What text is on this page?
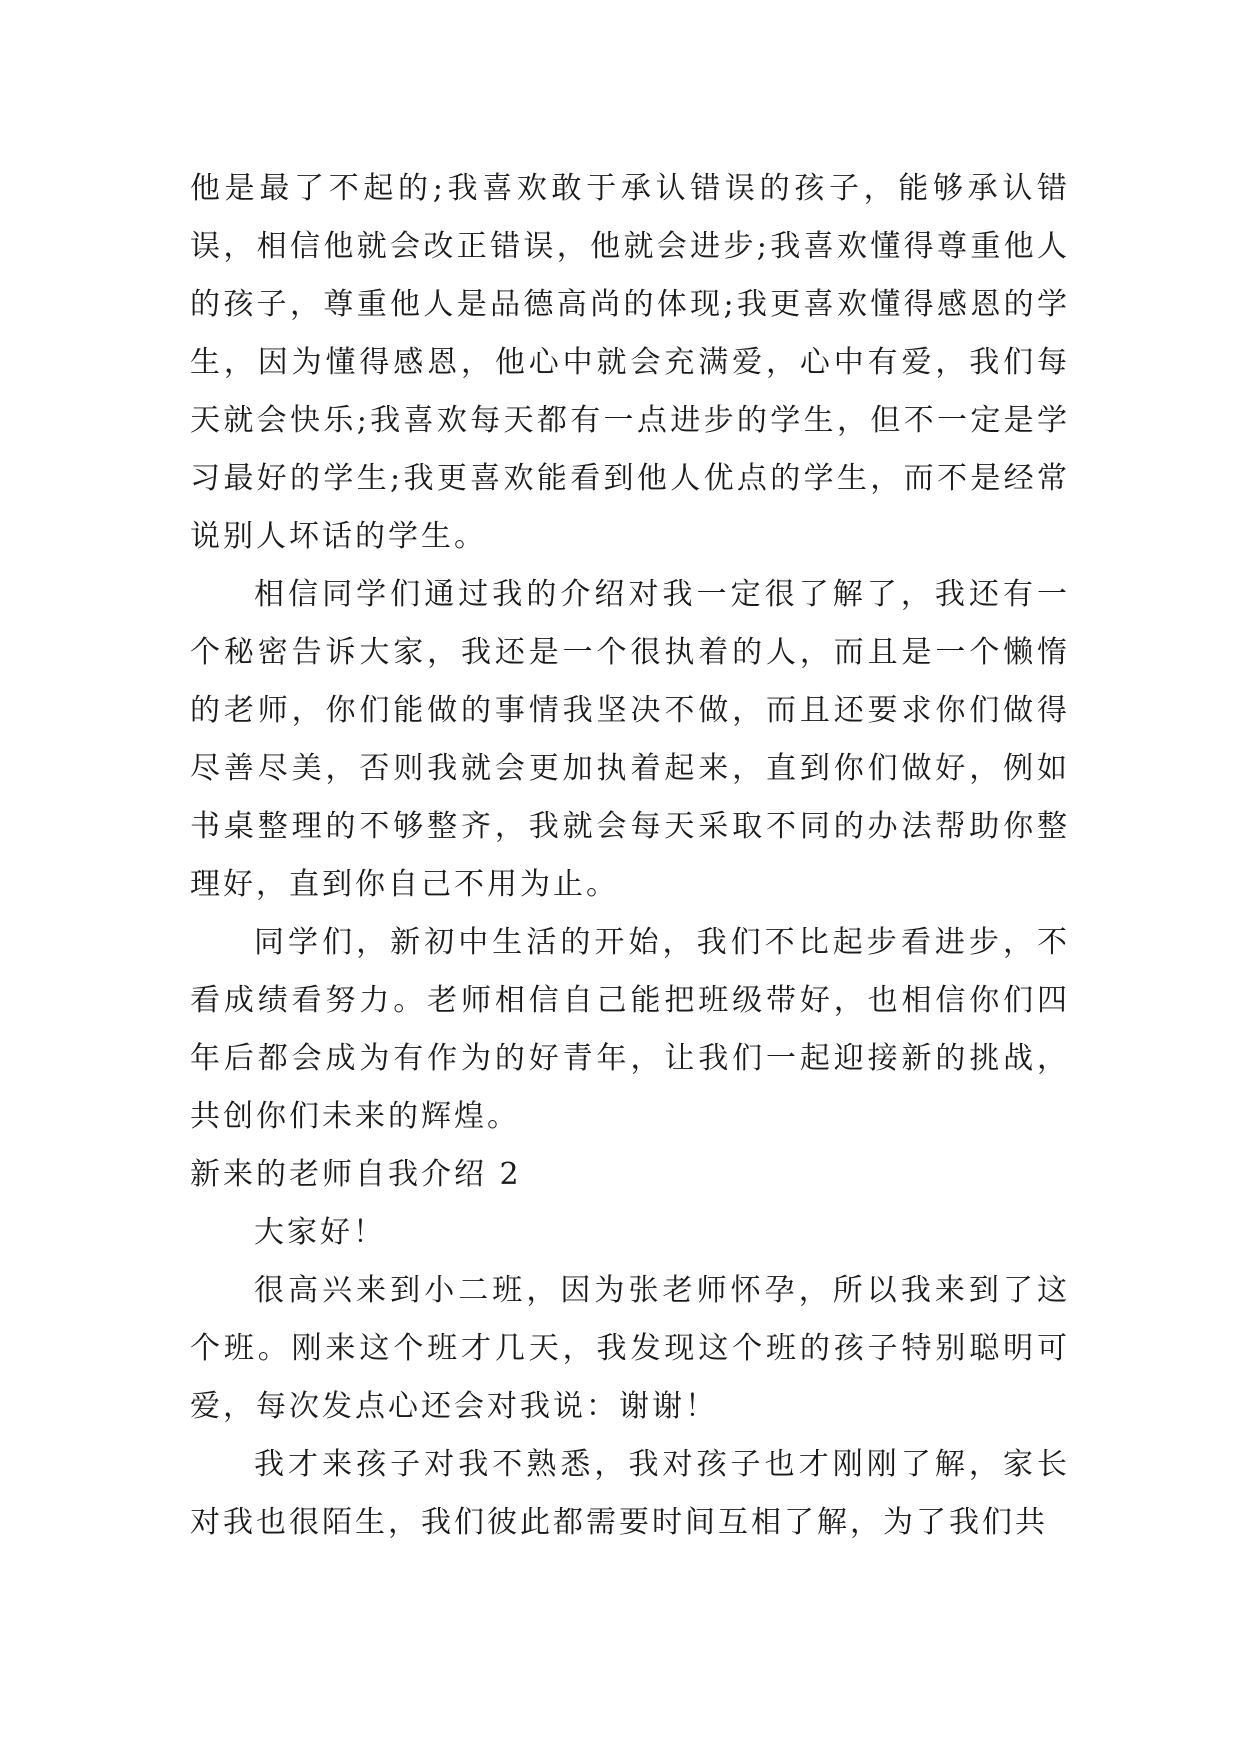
他是最了不起的;我喜欢敢于承认错误的孩子，能够承认错误，相信他就会改正错误，他就会进步;我喜欢懂得尊重他人的孩子，尊重他人是品德高尚的体现;我更喜欢懂得感恩的学生，因为懂得感恩，他心中就会充满爱，心中有爱，我们每天就会快乐;我喜欢每天都有一点进步的学生，但不一定是学习最好的学生;我更喜欢能看到他人优点的学生，而不是经常说别人坏话的学生。

相信同学们通过我的介绍对我一定很了解了，我还有一个秘密告诉大家，我还是一个很执着的人，而且是一个懒惰的老师，你们能做的事情我坚决不做，而且还要求你们做得尽善尽美，否则我就会更加执着起来，直到你们做好，例如书桌整理的不够整齐，我就会每天采取不同的办法帮助你整理好，直到你自己不用为止。

同学们，新初中生活的开始，我们不比起步看进步，不看成绩看努力。老师相信自己能把班级带好，也相信你们四年后都会成为有作为的好青年，让我们一起迎接新的挑战，共创你们未来的辉煌。

新来的老师自我介绍 2

大家好！

很高兴来到小二班，因为张老师怀孕，所以我来到了这个班。刚来这个班才几天，我发现这个班的孩子特别聪明可爱，每次发点心还会对我说：谢谢！

我才来孩子对我不熟悉，我对孩子也才刚刚了解，家长对我也很陌生，我们彼此都需要时间互相了解，为了我们共
